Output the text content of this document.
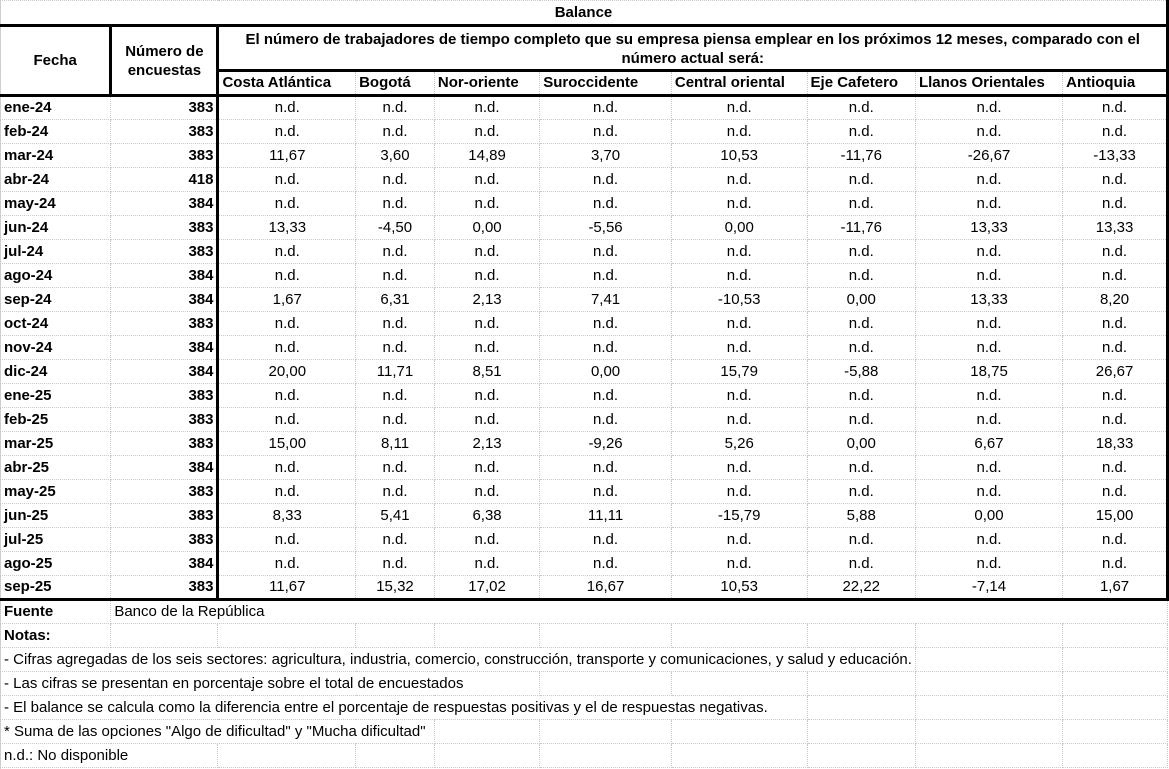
Balance									
Fecha	Número de encuestas	El número de trabajadores de tiempo completo que su empresa piensa emplear en los próximos 12 meses, comparado con el número actual será:							
		Costa Atlántica	Bogotá	Nor-oriente	Suroccidente	Central oriental	Eje Cafetero	Llanos Orientales	Antioquia
ene-24	383	n.d.	n.d.	n.d.	n.d.	n.d.	n.d.	n.d.	n.d.
feb-24	383	n.d.	n.d.	n.d.	n.d.	n.d.	n.d.	n.d.	n.d.
mar-24	383	11,67	3,60	14,89	3,70	10,53	-11,76	-26,67	-13,33
abr-24	418	n.d.	n.d.	n.d.	n.d.	n.d.	n.d.	n.d.	n.d.
may-24	384	n.d.	n.d.	n.d.	n.d.	n.d.	n.d.	n.d.	n.d.
jun-24	383	13,33	-4,50	0,00	-5,56	0,00	-11,76	13,33	13,33
jul-24	383	n.d.	n.d.	n.d.	n.d.	n.d.	n.d.	n.d.	n.d.
ago-24	384	n.d.	n.d.	n.d.	n.d.	n.d.	n.d.	n.d.	n.d.
sep-24	384	1,67	6,31	2,13	7,41	-10,53	0,00	13,33	8,20
oct-24	383	n.d.	n.d.	n.d.	n.d.	n.d.	n.d.	n.d.	n.d.
nov-24	384	n.d.	n.d.	n.d.	n.d.	n.d.	n.d.	n.d.	n.d.
dic-24	384	20,00	11,71	8,51	0,00	15,79	-5,88	18,75	26,67
ene-25	383	n.d.	n.d.	n.d.	n.d.	n.d.	n.d.	n.d.	n.d.
feb-25	383	n.d.	n.d.	n.d.	n.d.	n.d.	n.d.	n.d.	n.d.
mar-25	383	15,00	8,11	2,13	-9,26	5,26	0,00	6,67	18,33
abr-25	384	n.d.	n.d.	n.d.	n.d.	n.d.	n.d.	n.d.	n.d.
may-25	383	n.d.	n.d.	n.d.	n.d.	n.d.	n.d.	n.d.	n.d.
jun-25	383	8,33	5,41	6,38	11,11	-15,79	5,88	0,00	15,00
jul-25	383	n.d.	n.d.	n.d.	n.d.	n.d.	n.d.	n.d.	n.d.
ago-25	384	n.d.	n.d.	n.d.	n.d.	n.d.	n.d.	n.d.	n.d.
sep-25	383	11,67	15,32	17,02	16,67	10,53	22,22	-7,14	1,67
Fuente	Banco de la República								
Notas:									
- Cifras agregadas de los seis sectores: agricultura, industria, comercio, construcción, transporte y comunicaciones, y salud y educación.									
- Las cifras se presentan en porcentaje sobre el total de encuestados									
- El balance se calcula como la diferencia entre el porcentaje de respuestas positivas y el de respuestas negativas.									
* Suma de las opciones "Algo de dificultad" y "Mucha dificultad"									
n.d.: No disponible									
